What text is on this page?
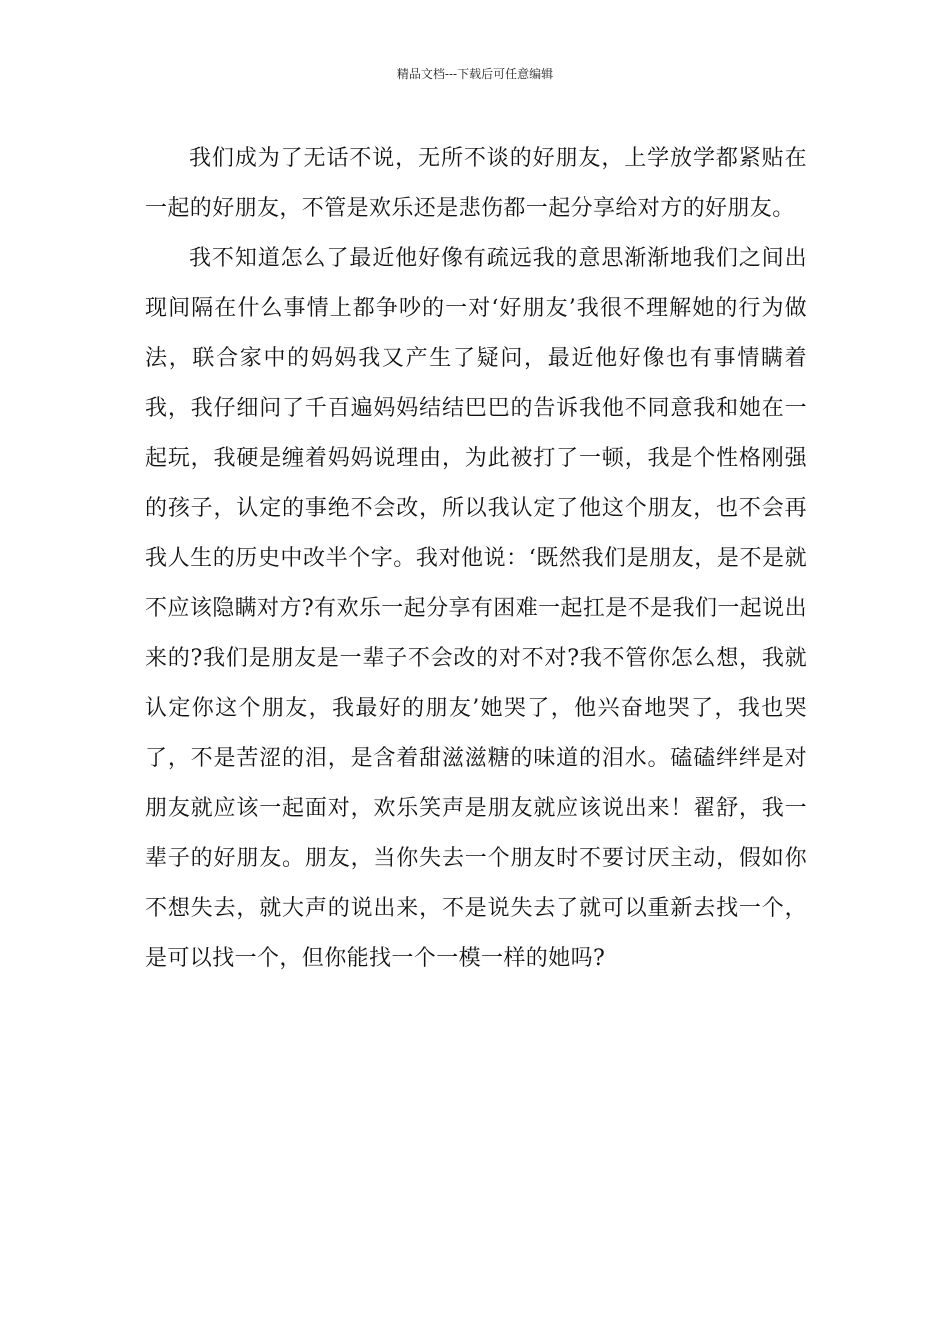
精品文档---下载后可任意编辑

我们成为了无话不说，无所不谈的好朋友，上学放学都紧贴在一起的好朋友，不管是欢乐还是悲伤都一起分享给对方的好朋友。

我不知道怎么了最近他好像有疏远我的意思渐渐地我们之间出现间隔在什么事情上都争吵的一对‘好朋友’我很不理解她的行为做法，联合家中的妈妈我又产生了疑问，最近他好像也有事情瞒着我，我仔细问了千百遍妈妈结结巴巴的告诉我他不同意我和她在一起玩，我硬是缠着妈妈说理由，为此被打了一顿，我是个性格刚强的孩子，认定的事绝不会改，所以我认定了他这个朋友，也不会再我人生的历史中改半个字。我对他说：‘既然我们是朋友，是不是就不应该隐瞒对方?有欢乐一起分享有困难一起扛是不是我们一起说出来的?我们是朋友是一辈子不会改的对不对?我不管你怎么想，我就认定你这个朋友，我最好的朋友’她哭了，他兴奋地哭了，我也哭了，不是苦涩的泪，是含着甜滋滋糖的味道的泪水。磕磕绊绊是对朋友就应该一起面对，欢乐笑声是朋友就应该说出来！翟舒，我一辈子的好朋友。朋友，当你失去一个朋友时不要讨厌主动，假如你不想失去，就大声的说出来，不是说失去了就可以重新去找一个，是可以找一个，但你能找一个一模一样的她吗?
